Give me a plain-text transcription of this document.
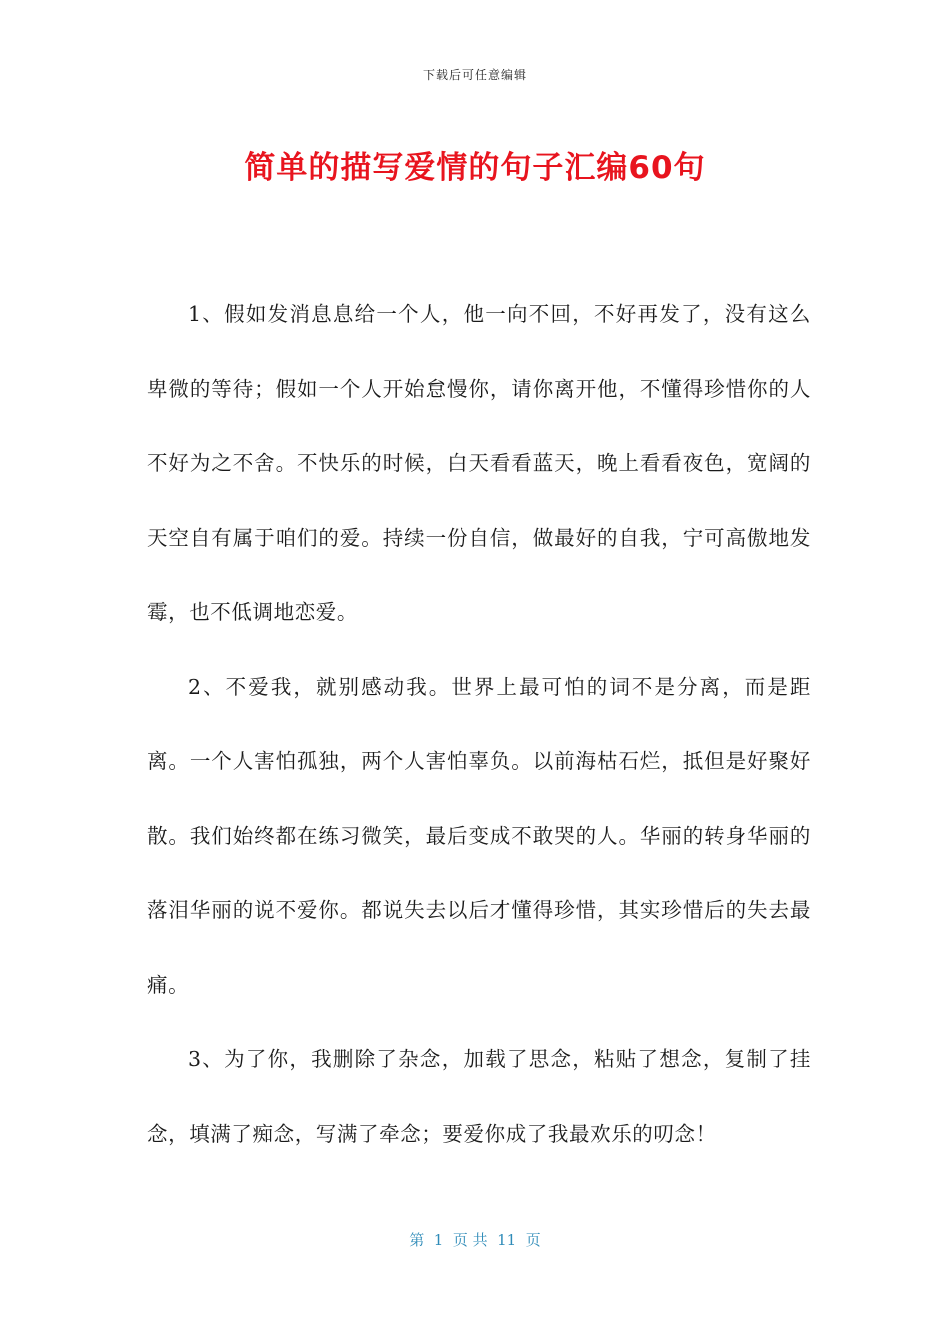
下载后可任意编辑
简单的描写爱情的句子汇编60句

1、假如发消息息给一个人，他一向不回，不好再发了，没有这么卑微的等待；假如一个人开始怠慢你，请你离开他，不懂得珍惜你的人不好为之不舍。不快乐的时候，白天看看蓝天，晚上看看夜色，宽阔的天空自有属于咱们的爱。持续一份自信，做最好的自我，宁可高傲地发霉，也不低调地恋爱。

2、不爱我，就别感动我。世界上最可怕的词不是分离，而是距离。一个人害怕孤独，两个人害怕辜负。以前海枯石烂，抵但是好聚好散。我们始终都在练习微笑，最后变成不敢哭的人。华丽的转身华丽的落泪华丽的说不爱你。都说失去以后才懂得珍惜，其实珍惜后的失去最痛。

3、为了你，我删除了杂念，加载了思念，粘贴了想念，复制了挂念，填满了痴念，写满了牵念；要爱你成了我最欢乐的叨念！

第  1  页 共  11  页
